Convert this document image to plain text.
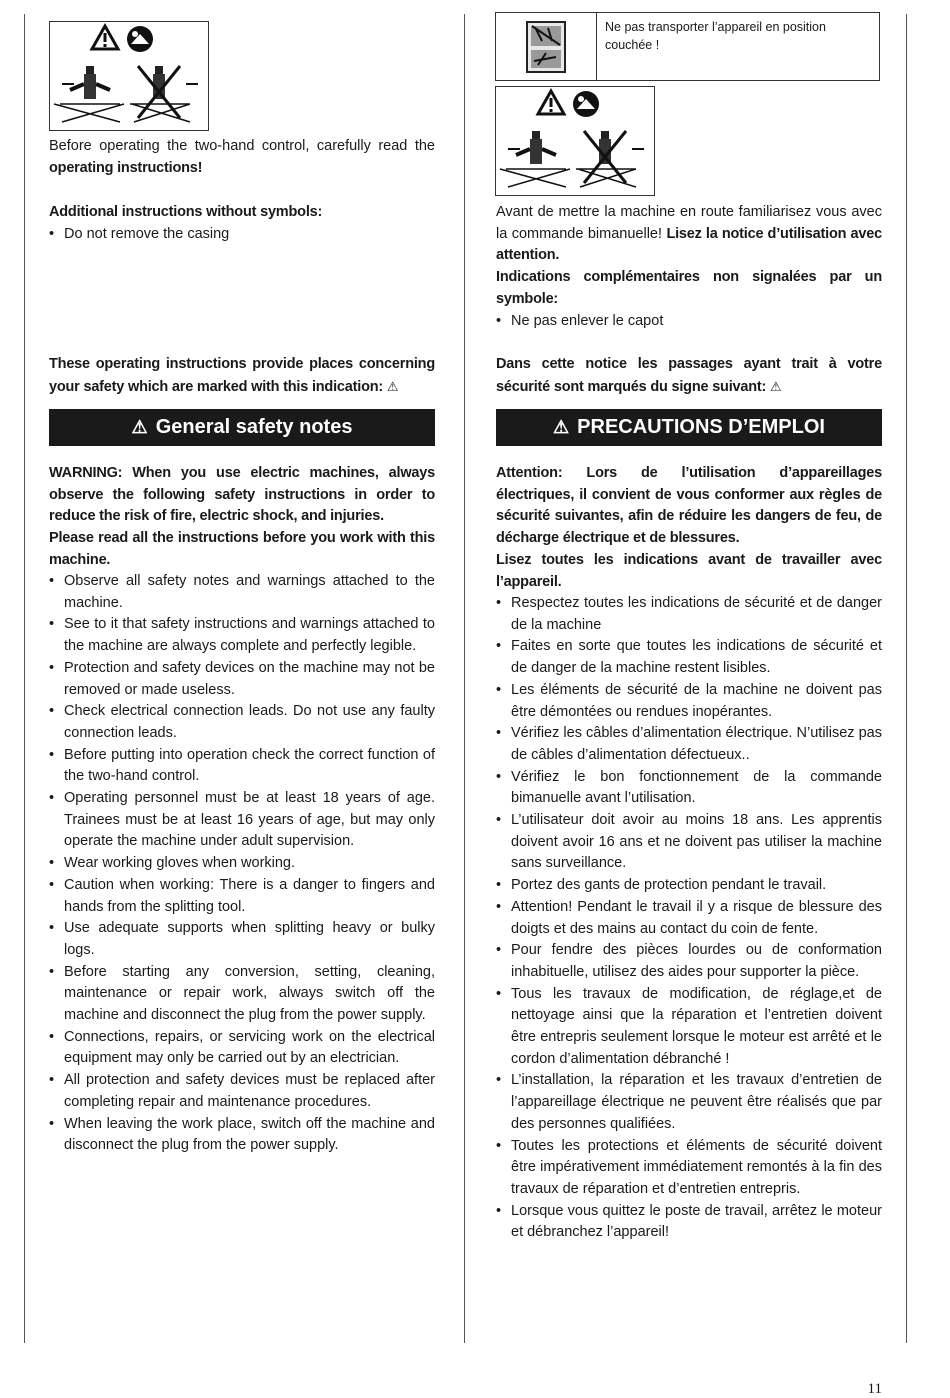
Before operating the two-hand control, carefully read the operating instructions!
Additional instructions without symbols:
• Do not remove the casing
These operating instructions provide places concerning your safety which are marked with this indication: ⚠
⚠ General safety notes
WARNING: When you use electric machines, always observe the following safety instructions in order to reduce the risk of fire, electric shock, and injuries.
Please read all the instructions before you work with this machine.
• Observe all safety notes and warnings attached to the machine.
• See to it that safety instructions and warnings attached to the machine are always complete and perfectly legible.
• Protection and safety devices on the machine may not be removed or made useless.
• Check electrical connection leads. Do not use any faulty connection leads.
• Before putting into operation check the correct function of the two-hand control.
• Operating personnel must be at least 18 years of age. Trainees must be at least 16 years of age, but may only operate the machine under adult supervision.
• Wear working gloves when working.
• Caution when working: There is a danger to fingers and hands from the splitting tool.
• Use adequate supports when splitting heavy or bulky logs.
• Before starting any conversion, setting, cleaning, maintenance or repair work, always switch off the machine and disconnect the plug from the power supply.
• Connections, repairs, or servicing work on the electrical equipment may only be carried out by an electrician.
• All protection and safety devices must be replaced after completing repair and maintenance procedures.
• When leaving the work place, switch off the machine and disconnect the plug from the power supply.
Ne pas transporter l’appareil en position couchée !
Avant de mettre la machine en route familiarisez vous avec la commande bimanuelle! Lisez la notice d’utilisation avec attention.
Indications complémentaires non signalées par un symbole:
• Ne pas enlever le capot
Dans cette notice les passages ayant trait à votre sécurité sont marqués du signe suivant: ⚠
⚠ PRECAUTIONS D’EMPLOI
Attention: Lors de l’utilisation d’appareillages électriques, il convient de vous conformer aux règles de sécurité suivantes, afin de réduire les dangers de feu, de décharge électrique et de blessures.
Lisez toutes les indications avant de travailler avec l’appareil.
• Respectez toutes les indications de sécurité et de danger de la machine
• Faites en sorte que toutes les indications de sécurité et de danger de la machine restent lisibles.
• Les éléments de sécurité de la machine ne doivent pas être démontées ou rendues inopérantes.
• Vérifiez les câbles d’alimentation électrique. N’utilisez pas de câbles d’alimentation défectueux..
• Vérifiez le bon fonctionnement de la commande bimanuelle avant l’utilisation.
• L’utilisateur doit avoir au moins 18 ans. Les apprentis doivent avoir 16 ans et ne doivent pas utiliser la machine sans surveillance.
• Portez des gants de protection pendant le travail.
• Attention! Pendant le travail il y a risque de blessure des doigts et des mains au contact du coin de fente.
• Pour fendre des pièces lourdes ou de conformation inhabituelle, utilisez des aides pour supporter la pièce.
• Tous les travaux de modification, de réglage,et de nettoyage ainsi que la réparation et l’entretien doivent être entrepris seulement lorsque le moteur est arrêté et le cordon d’alimentation débranché !
• L’installation, la réparation et les travaux d’entretien de l’appareillage électrique ne peuvent être réalisés que par des personnes qualifiées.
• Toutes les protections et éléments de sécurité doivent être impérativement immédiatement remontés à la fin des travaux de réparation et d’entretien entrepris.
• Lorsque vous quittez le poste de travail, arrêtez le moteur et débranchez l’appareil!
11
